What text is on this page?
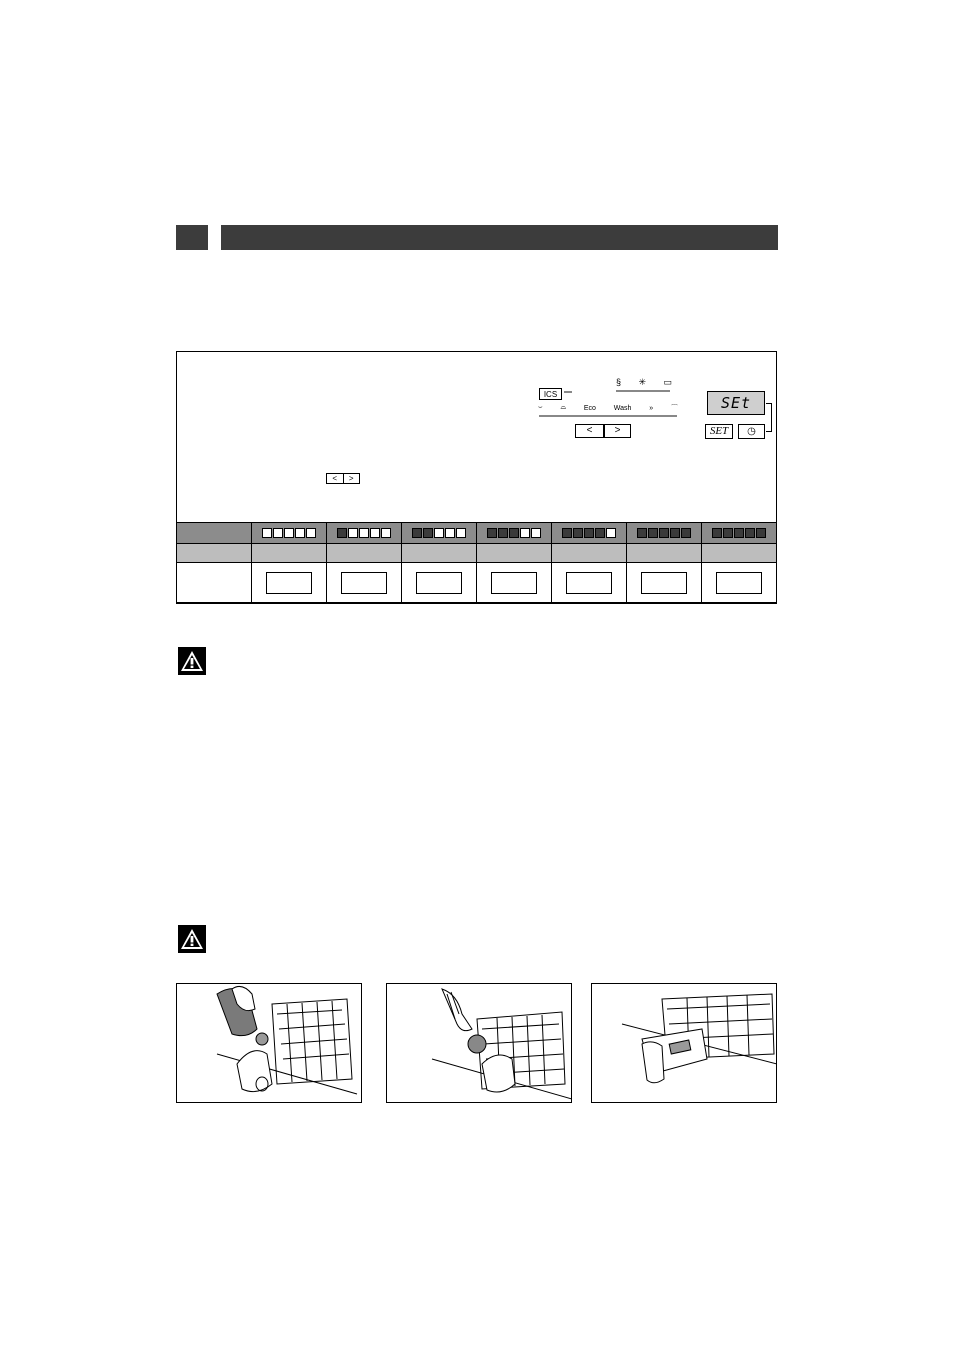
ICS
§ ✳ ▭
⌣	⌓	Eco	Wash	»	⌒
<	>
SEt
SET	◷
<	>
